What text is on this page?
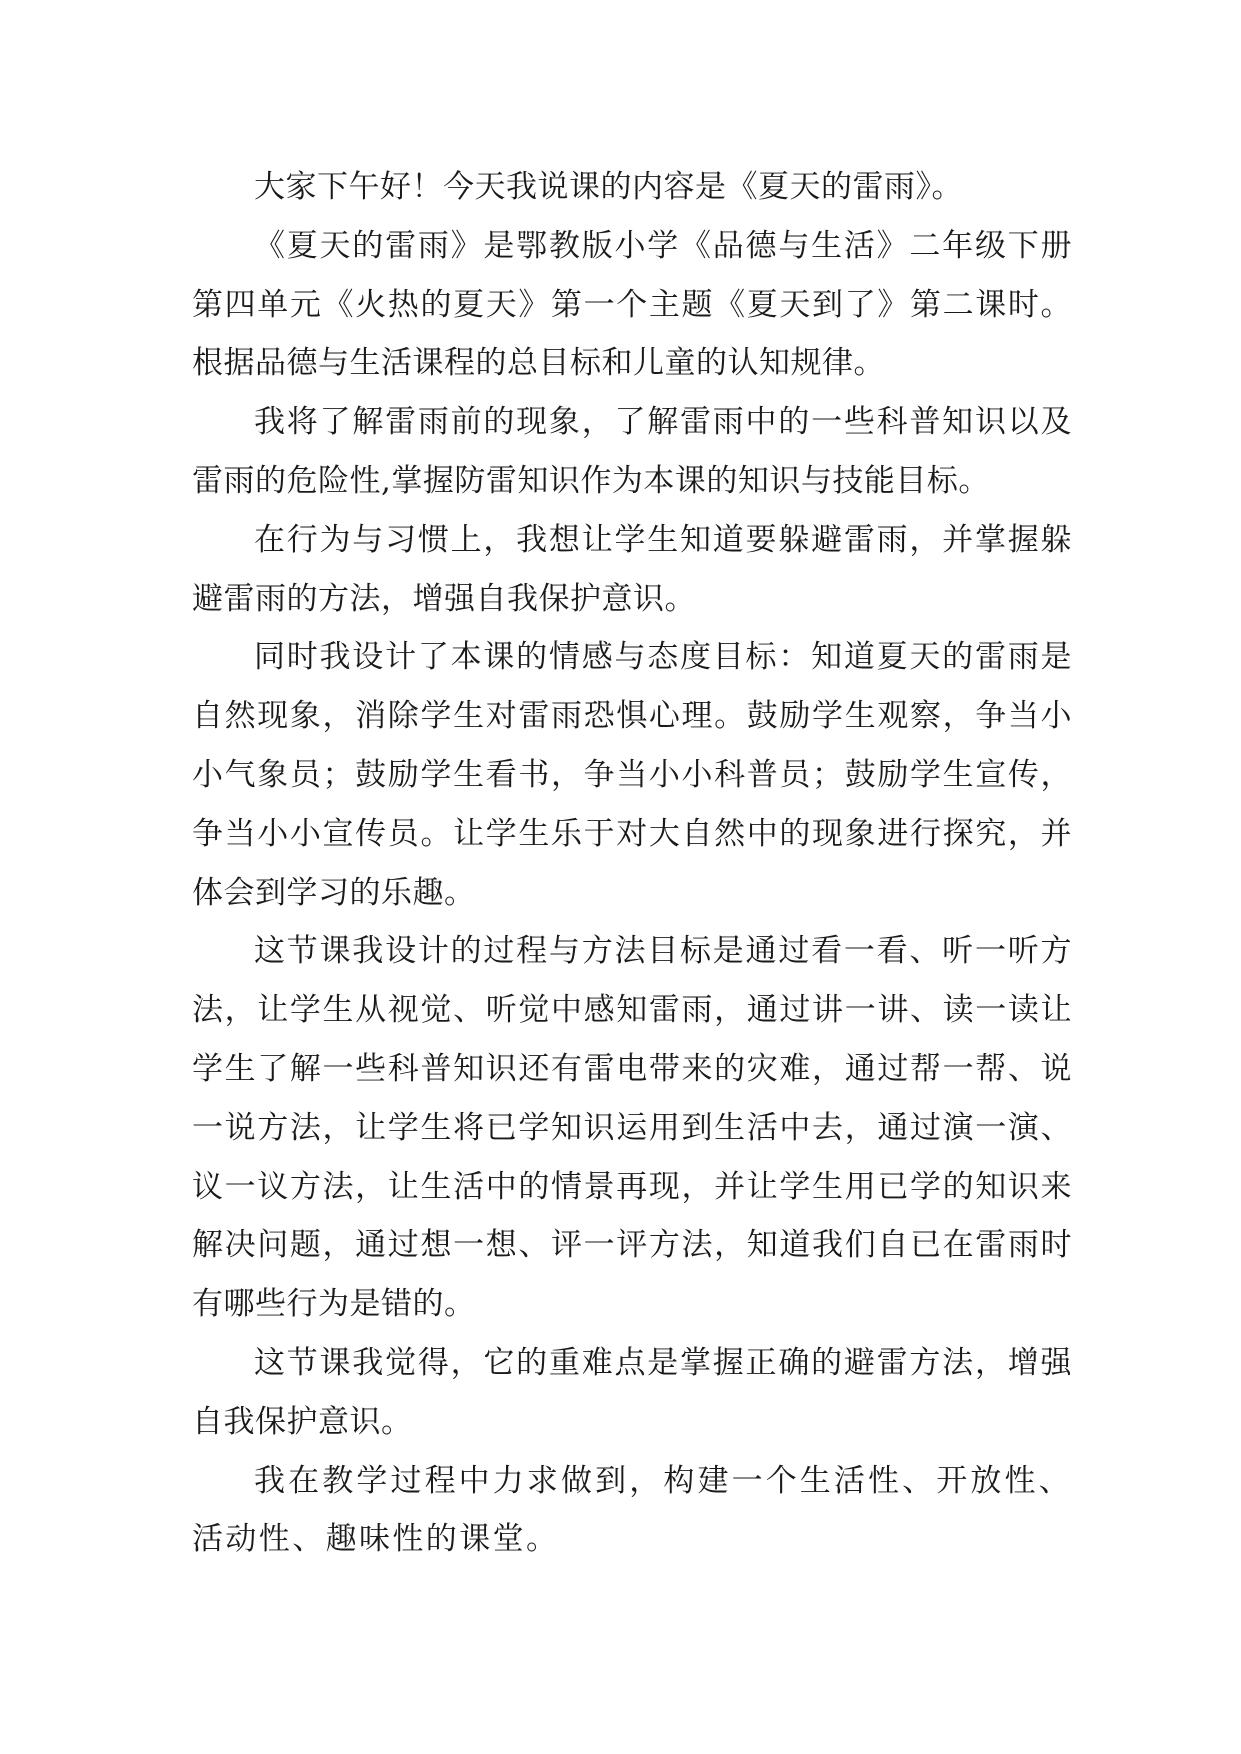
大家下午好！今天我说课的内容是《夏天的雷雨》。

《夏天的雷雨》是鄂教版小学《品德与生活》二年级下册第四单元《火热的夏天》第一个主题《夏天到了》第二课时。根据品德与生活课程的总目标和儿童的认知规律。

我将了解雷雨前的现象，了解雷雨中的一些科普知识以及雷雨的危险性,掌握防雷知识作为本课的知识与技能目标。

在行为与习惯上，我想让学生知道要躲避雷雨，并掌握躲避雷雨的方法，增强自我保护意识。

同时我设计了本课的情感与态度目标：知道夏天的雷雨是自然现象，消除学生对雷雨恐惧心理。鼓励学生观察，争当小小气象员；鼓励学生看书，争当小小科普员；鼓励学生宣传，争当小小宣传员。让学生乐于对大自然中的现象进行探究，并体会到学习的乐趣。

这节课我设计的过程与方法目标是通过看一看、听一听方法，让学生从视觉、听觉中感知雷雨，通过讲一讲、读一读让学生了解一些科普知识还有雷电带来的灾难，通过帮一帮、说一说方法，让学生将已学知识运用到生活中去，通过演一演、议一议方法，让生活中的情景再现，并让学生用已学的知识来解决问题，通过想一想、评一评方法，知道我们自已在雷雨时有哪些行为是错的。

这节课我觉得，它的重难点是掌握正确的避雷方法，增强自我保护意识。

我在教学过程中力求做到，构建一个生活性、开放性、活动性、趣味性的课堂。
